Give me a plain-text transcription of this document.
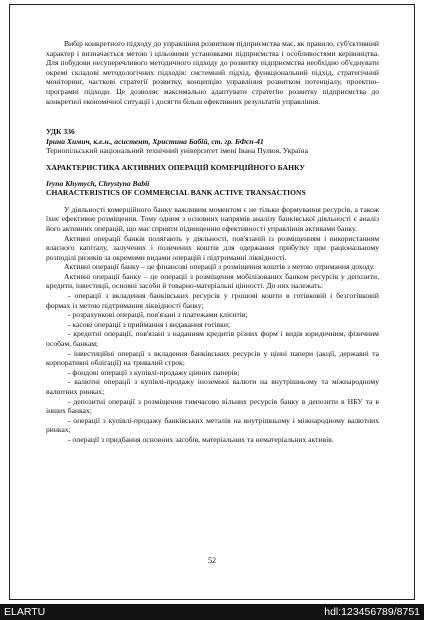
Вибір конкретного підходу до управління розвитком підприємства має, як правило, суб'єктивний характер і визначається метою і цільовими установками підприємства і особливостями керівництва. Для побудови несуперечливого методичного підходу до розвитку підприємства необхідно об'єднувати окремі складові методологічних підходів: системний підхід, функціональний підхід, стратегічний моніторинг, часткові стратегії розвитку, концепцію управління розвитком потенціалу, проектно-програмні підходи. Це дозволяє максимально адаптувати стратегію розвитку підприємства до конкретної економічної ситуації і досягти більш ефективних результатів управління.

УДК 336

Ірина Химич, к.е.н., асистент, Христина Бабій, ст. гр. БФсп-41

Тернопільський національний технічний університет імені Івана Пулюя, Україна

ХАРАКТЕРИСТИКА АКТИВНИХ ОПЕРАЦІЙ КОМЕРЦІЙНОГО БАНКУ

Iryna Khymych, Chrystyna Babii

CHARACTERISTICS OF COMMERCIAL BANK ACTIVE TRANSACTIONS

У діяльності комерційного банку важливим моментом є не тільки формування ресурсів, а також їхнє ефективне розміщення. Тому одним з основних напрямів аналізу банківської діяльності є аналіз його активних операцій, що має сприяти підвищенню ефективності управління активами банку.

Активні операції банків полягають у діяльності, пов'язаній із розміщенням і використанням власного капіталу, залучених і позичених коштів для одержання прибутку при раціональному розподілі ризиків за окремими видами операцій і підтриманні ліквідності.

Активні операції банку – це фінансові операції з розміщення коштів з метою отримання доходу.

Активні операції банку – це операції з розміщення мобілізованих банком ресурсів у депозити, кредити, інвестиції, основні засоби й товарно-матеріальні цінності. До них належать:

- операції з вкладення банківських ресурсів у грошові кошти в готівковій і безготівковій формах із метою підтримання ліквідності банку;

- розрахункові операції, пов'язані з платежами клієнтів;

- касові операції з приймання і видавання готівки;

- кредитні операції, пов'язані з наданням кредитів різних форм і видів юридичним, фізичним особам, банкам;

- інвестиційні операції з вкладення банківських ресурсів у цінні папери (акції, державні та корпоративні облігації) на тривалий строк;

- фондові операції з купівлі-продажу цінних паперів;

- валютні операції з купівлі-продажу іноземної валюти на внутрішньому та міжнародному валютних ринках;

- депозитні операції з розміщення тимчасово вільних ресурсів банку в депозити в НБУ та в інших банках;

- операції з купівлі-продажу банківських металів на внутрішньому і міжнародному валютних ринках;

- операції з придбання основних засобів, матеріальних та нематеріальних активів.

52
ELARTU	hdl:123456789/8751
